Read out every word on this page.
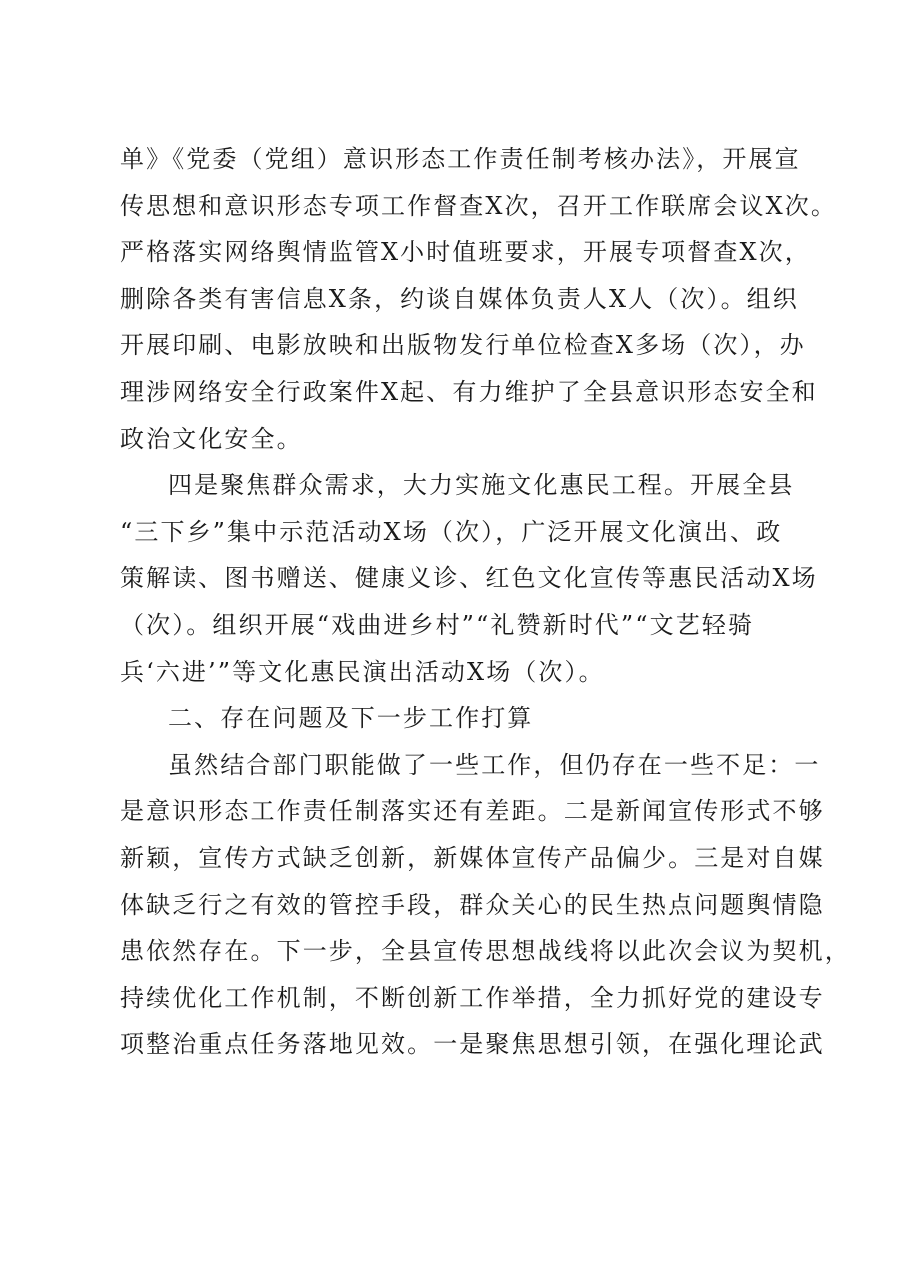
单》《党委（党组）意识形态工作责任制考核办法》，开展宣
传思想和意识形态专项工作督查X次，召开工作联席会议X次。
严格落实网络舆情监管X小时值班要求，开展专项督查X次，
删除各类有害信息X条，约谈自媒体负责人X人（次）。组织
开展印刷、电影放映和出版物发行单位检查X多场（次），办
理涉网络安全行政案件X起、有力维护了全县意识形态安全和
政治文化安全。
四是聚焦群众需求，大力实施文化惠民工程。开展全县
“三下乡”集中示范活动X场（次），广泛开展文化演出、政
策解读、图书赠送、健康义诊、红色文化宣传等惠民活动X场
（次）。组织开展“戏曲进乡村”“礼赞新时代”“文艺轻骑
兵‘六进’”等文化惠民演出活动X场（次）。
二、存在问题及下一步工作打算
虽然结合部门职能做了一些工作，但仍存在一些不足：一
是意识形态工作责任制落实还有差距。二是新闻宣传形式不够
新颖，宣传方式缺乏创新，新媒体宣传产品偏少。三是对自媒
体缺乏行之有效的管控手段，群众关心的民生热点问题舆情隐
患依然存在。下一步，全县宣传思想战线将以此次会议为契机，
持续优化工作机制，不断创新工作举措，全力抓好党的建设专
项整治重点任务落地见效。一是聚焦思想引领，在强化理论武
